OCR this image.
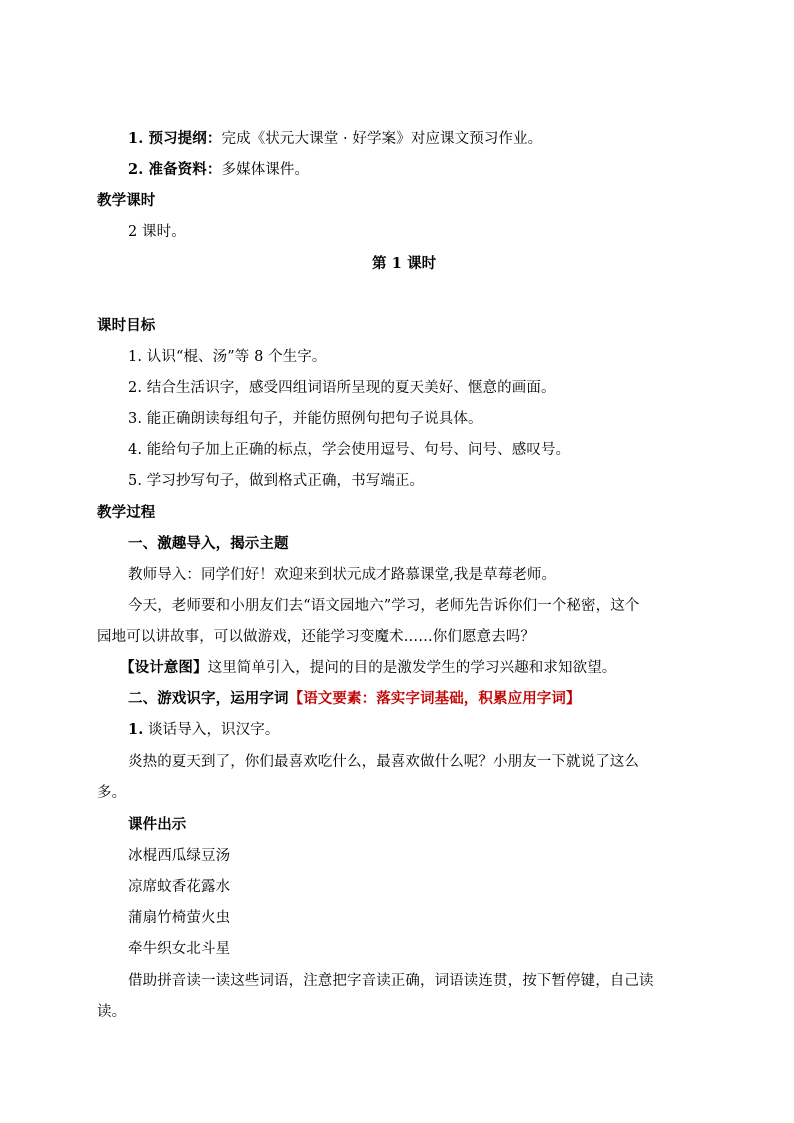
1. 预习提纲：完成《状元大课堂 · 好学案》对应课文预习作业。
2. 准备资料：多媒体课件。
教学课时
2 课时。
第 1 课时
课时目标
1. 认识“棍、汤”等 8 个生字。
2. 结合生活识字，感受四组词语所呈现的夏天美好、惬意的画面。
3. 能正确朗读每组句子，并能仿照例句把句子说具体。
4. 能给句子加上正确的标点，学会使用逗号、句号、问号、感叹号。
5. 学习抄写句子，做到格式正确，书写端正。
教学过程
一、激趣导入，揭示主题
教师导入：同学们好！欢迎来到状元成才路慕课堂,我是草莓老师。
今天，老师要和小朋友们去“语文园地六”学习，老师先告诉你们一个秘密，这个
园地可以讲故事，可以做游戏，还能学习变魔术……你们愿意去吗？
【设计意图】这里简单引入，提问的目的是激发学生的学习兴趣和求知欲望。
二、游戏识字，运用字词【语文要素：落实字词基础，积累应用字词】
1. 谈话导入，识汉字。
炎热的夏天到了，你们最喜欢吃什么，最喜欢做什么呢？小朋友一下就说了这么
多。
课件出示
冰棍西瓜绿豆汤
凉席蚊香花露水
蒲扇竹椅萤火虫
牵牛织女北斗星
借助拼音读一读这些词语，注意把字音读正确，词语读连贯，按下暂停键，自己读
读。
